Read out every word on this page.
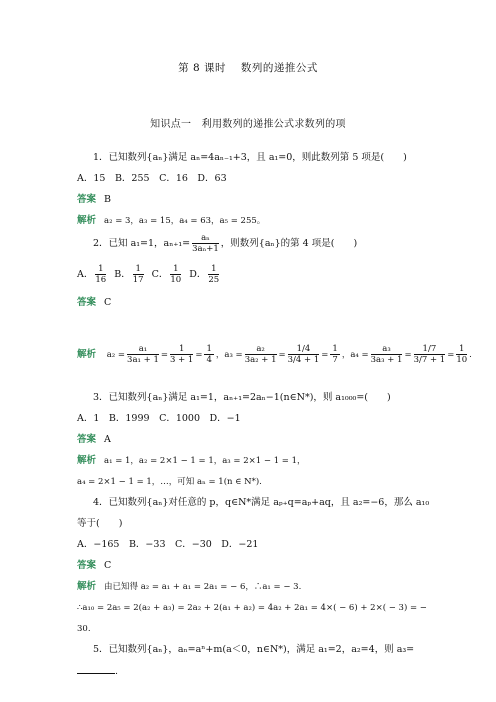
第 8 课时　 数列的递推公式
知识点一　利用数列的递推公式求数列的项
1．已知数列{aₙ}满足 aₙ=4aₙ₋₁+3，且 a₁=0，则此数列第 5 项是(　　)
A．15　B．255　C．16　D．63
答案 B
解析 a₂ = 3，a₃ = 15，a₄ = 63，a₅ = 255。
2．已知 a₁=1，$a_{n+1}= \frac{\text{aₙ}}{\text{3aₙ+1}}$ ，则数列{aₙ}的第 4 项是(　　)
A． $\frac{1}{16}$ B． $\frac{1}{17}$ C． $\frac{1}{10}$ D． $\frac{1}{25}$
答案 C
解析 $a_2 = \frac{\text{a₁}}{\text{3a₁ + 1}} = \frac{1}{3 + 1} = \frac{1}{4}$ ，$a_3 = \frac{\text{a₂}}{\text{3a₂ + 1}} = \frac{1/4}{3/4 + 1} = \frac{1}{7}$ ，$a_4 = \frac{\text{a₃}}{\text{3a₃ + 1}} = \frac{1/7}{3/7 + 1} = \frac{1}{10}$ .
3．已知数列{aₙ}满足 a₁=1，aₙ₊₁=2aₙ−1(n∈N*)，则 a₁₀₀₀=(　　)
A．1　B．1999　C．1000　D．−1
答案 A
解析 a₁ = 1，a₂ = 2×1 − 1 = 1，a₃ = 2×1 − 1 = 1，
a₄ = 2×1 − 1 = 1，…，可知 aₙ = 1(n ∈ N*).
4．已知数列{aₙ}对任意的 p，q∈N*满足 aₚ₊q=aₚ+aq，且 a₂=−6，那么 a₁₀
等于(　　)
A．−165　B．−33　C．−30　D．−21
答案 C
解析 由已知得 a₂ = a₁ + a₁ = 2a₁ = − 6，∴a₁ = − 3.
∴a₁₀ = 2a₅ = 2(a₂ + a₃) = 2a₂ + 2(a₁ + a₂) = 4a₂ + 2a₁ = 4×( − 6) + 2×( − 3) = −
30.
5．已知数列{aₙ}，aₙ=aⁿ+m(a＜0，n∈N*)，满足 a₁=2，a₂=4，则 a₃=
.
